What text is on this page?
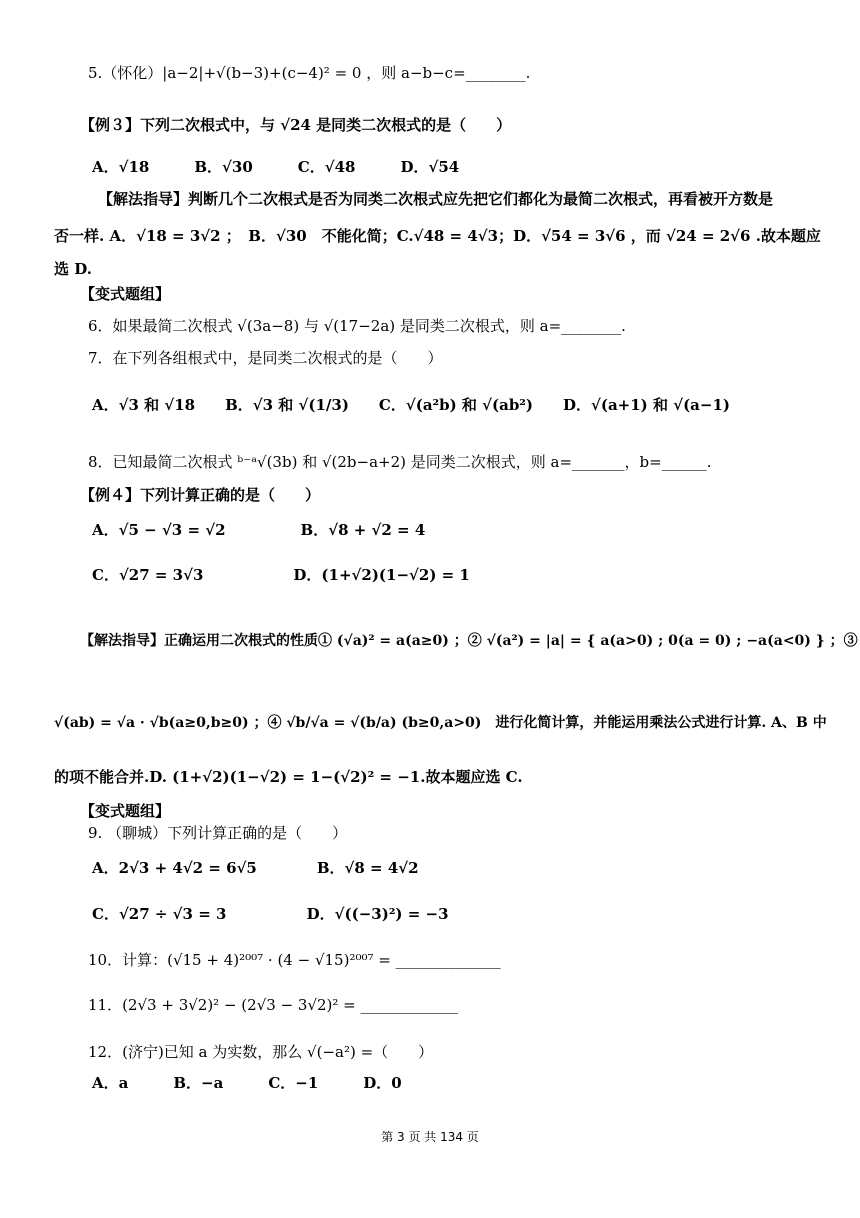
5.（怀化）|a−2|+√(b−3)+(c−4)² = 0 ，则 a−b−c=________.
【例３】下列二次根式中，与 √24 是同类二次根式的是（　　）
A．√18　　　B．√30　　　C．√48　　　D．√54
【解法指导】判断几个二次根式是否为同类二次根式应先把它们都化为最简二次根式，再看被开方数是
否一样. A．√18 = 3√2 ；　B．√30　不能化简；C.√48 = 4√3；D．√54 = 3√6 ，而 √24 = 2√6 .故本题应
选 D.
【变式题组】
6．如果最简二次根式 √(3a−8) 与 √(17−2a) 是同类二次根式，则 a=________.
7．在下列各组根式中，是同类二次根式的是（　　）
A．√3 和 √18　　B．√3 和 √(1/3)　　C．√(a²b) 和 √(ab²)　　D．√(a+1) 和 √(a−1)
8．已知最简二次根式 ᵇ⁻ᵃ√(3b) 和 √(2b−a+2) 是同类二次根式，则 a=_______，b=______.
【例４】下列计算正确的是（　　）
A．√5 − √3 = √2　　　　　B．√8 + √2 = 4
C．√27 = 3√3　　　　　　D．(1+√2)(1−√2) = 1
【解法指导】正确运用二次根式的性质① (√a)² = a(a≥0) ；② √(a²) = |a| = { a(a>0) ; 0(a = 0) ; −a(a<0) } ；③
√(ab) = √a · √b(a≥0,b≥0) ；④ √b/√a = √(b/a) (b≥0,a>0)　进行化简计算，并能运用乘法公式进行计算. A、B 中
的项不能合并.D. (1+√2)(1−√2) = 1−(√2)² = −1.故本题应选 C.
【变式题组】
9. （聊城）下列计算正确的是（　　）
A．2√3 + 4√2 = 6√5　　　　B．√8 = 4√2
C．√27 ÷ √3 = 3　　　　　 D．√((−3)²) = −3
10．计算：(√15 + 4)²⁰⁰⁷ · (4 − √15)²⁰⁰⁷ = ______________
11．(2√3 + 3√2)² − (2√3 − 3√2)² = _____________
12．(济宁)已知 a 为实数，那么 √(−a²) =（　　）
A．a　　　B．−a　　　C．−1　　　D．0
第 3 页 共 134 页
